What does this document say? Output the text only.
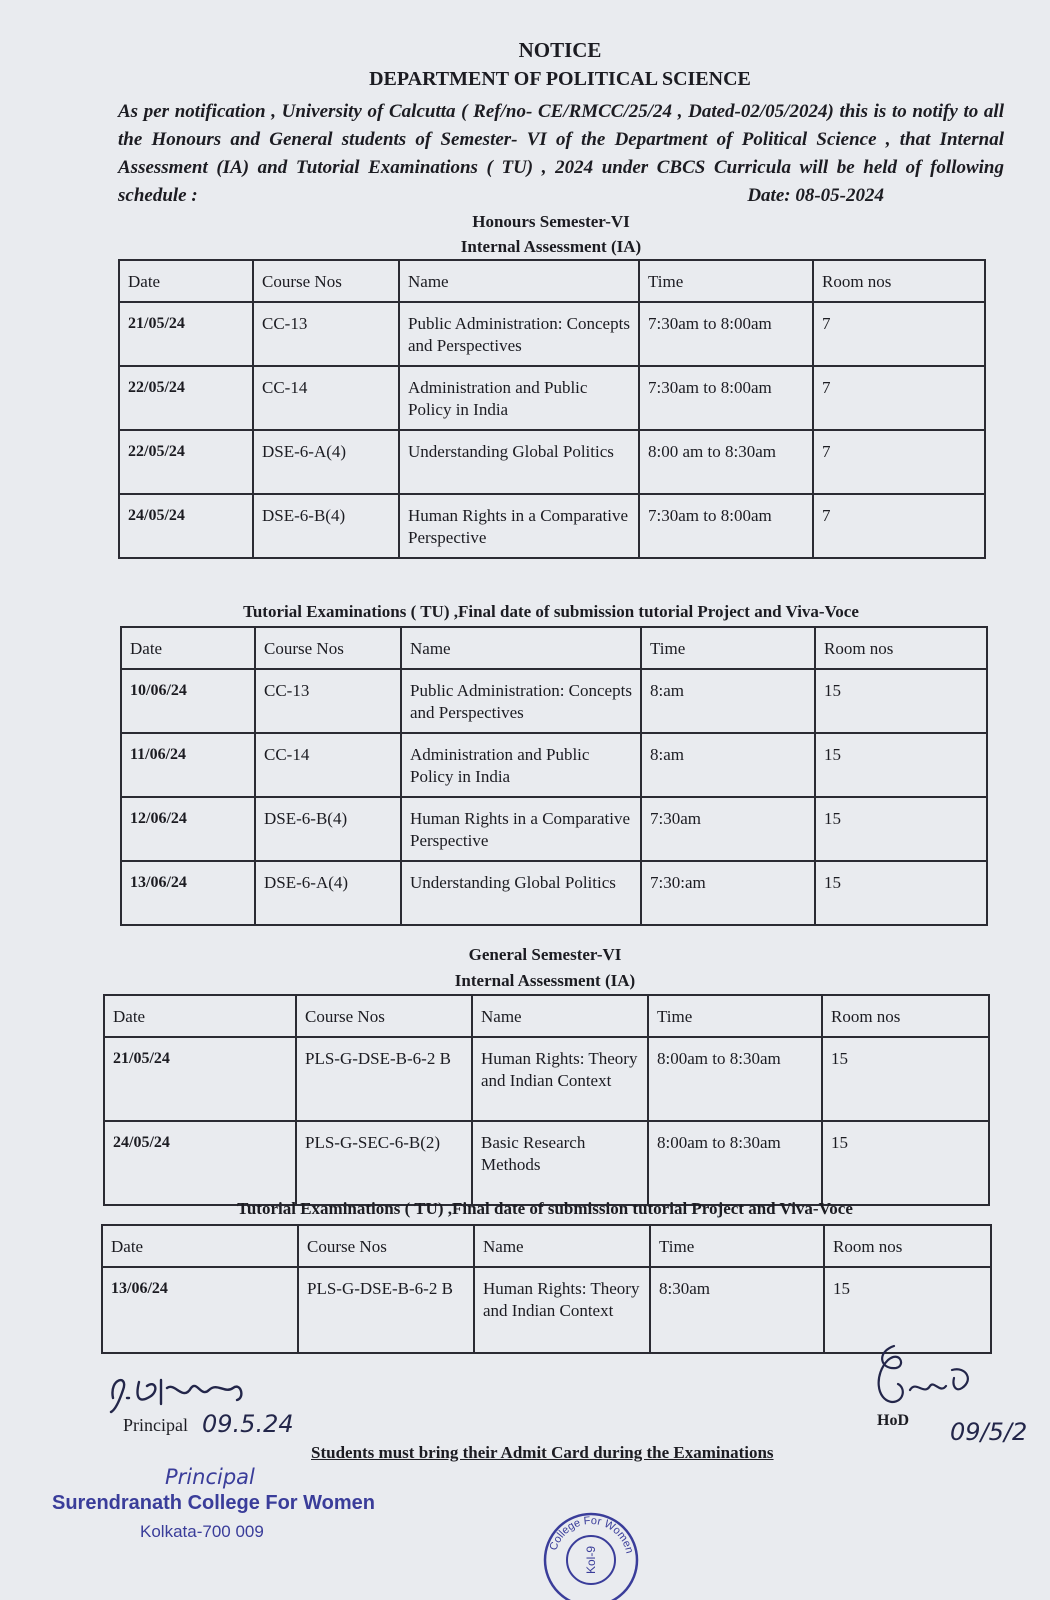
NOTICE
DEPARTMENT OF POLITICAL SCIENCE
As per notification , University of Calcutta ( Ref/no- CE/RMCC/25/24 , Dated-02/05/2024) this is to notify to all the Honours and General students of Semester- VI of the Department of Political Science , that Internal Assessment (IA) and Tutorial Examinations ( TU) , 2024 under CBCS Curricula will be held of following schedule :	Date: 08-05-2024
Honours Semester-VI
Internal Assessment (IA)
Date	Course Nos	Name	Time	Room nos
21/05/24	CC-13	Public Administration: Concepts and Perspectives	7:30am to 8:00am	7
22/05/24	CC-14	Administration and Public Policy in India	7:30am to 8:00am	7
22/05/24	DSE-6-A(4)	Understanding Global Politics	8:00 am to 8:30am	7
24/05/24	DSE-6-B(4)	Human Rights in a Comparative Perspective	7:30am to 8:00am	7
Tutorial Examinations ( TU) ,Final date of submission tutorial Project and Viva-Voce
Date	Course Nos	Name	Time	Room nos
10/06/24	CC-13	Public Administration: Concepts and Perspectives	8:am	15
11/06/24	CC-14	Administration and Public Policy in India	8:am	15
12/06/24	DSE-6-B(4)	Human Rights in a Comparative Perspective	7:30am	15
13/06/24	DSE-6-A(4)	Understanding Global Politics	7:30:am	15
General Semester-VI
Internal Assessment (IA)
Date	Course Nos	Name	Time	Room nos
21/05/24	PLS-G-DSE-B-6-2 B	Human Rights: Theory and Indian Context	8:00am to 8:30am	15
24/05/24	PLS-G-SEC-6-B(2)	Basic Research Methods	8:00am to 8:30am	15
Tutorial Examinations ( TU) ,Final date of submission tutorial Project and Viva-Voce
Date	Course Nos	Name	Time	Room nos
13/06/24	PLS-G-DSE-B-6-2 B	Human Rights: Theory and Indian Context	8:30am	15
Principal 09.5.24	HoD 09/5/2
Students must bring their Admit Card during the Examinations
Principal
Surendranath College For Women
Kolkata-700 009
College For Women
Kol-9
